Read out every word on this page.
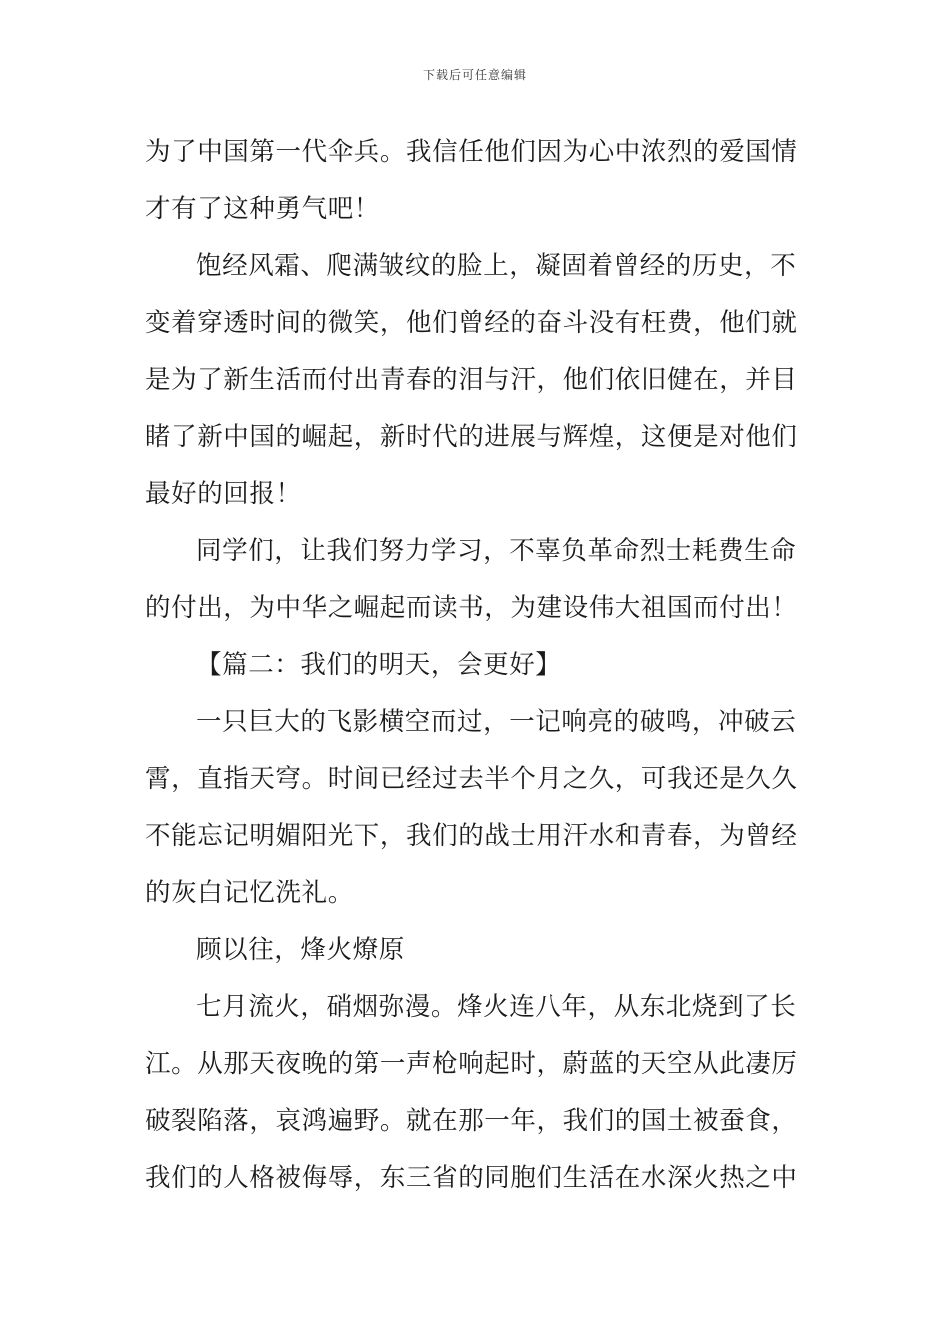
下载后可任意编辑
为了中国第一代伞兵。我信任他们因为心中浓烈的爱国情
才有了这种勇气吧！
饱经风霜、爬满皱纹的脸上，凝固着曾经的历史，不
变着穿透时间的微笑，他们曾经的奋斗没有枉费，他们就
是为了新生活而付出青春的泪与汗，他们依旧健在，并目
睹了新中国的崛起，新时代的进展与辉煌，这便是对他们
最好的回报！
同学们，让我们努力学习，不辜负革命烈士耗费生命
的付出，为中华之崛起而读书，为建设伟大祖国而付出！
【篇二：我们的明天，会更好】
一只巨大的飞影横空而过，一记响亮的破鸣，冲破云
霄，直指天穹。时间已经过去半个月之久，可我还是久久
不能忘记明媚阳光下，我们的战士用汗水和青春，为曾经
的灰白记忆洗礼。
顾以往，烽火燎原
七月流火，硝烟弥漫。烽火连八年，从东北烧到了长
江。从那天夜晚的第一声枪响起时，蔚蓝的天空从此凄厉
破裂陷落，哀鸿遍野。就在那一年，我们的国土被蚕食，
我们的人格被侮辱，东三省的同胞们生活在水深火热之中
